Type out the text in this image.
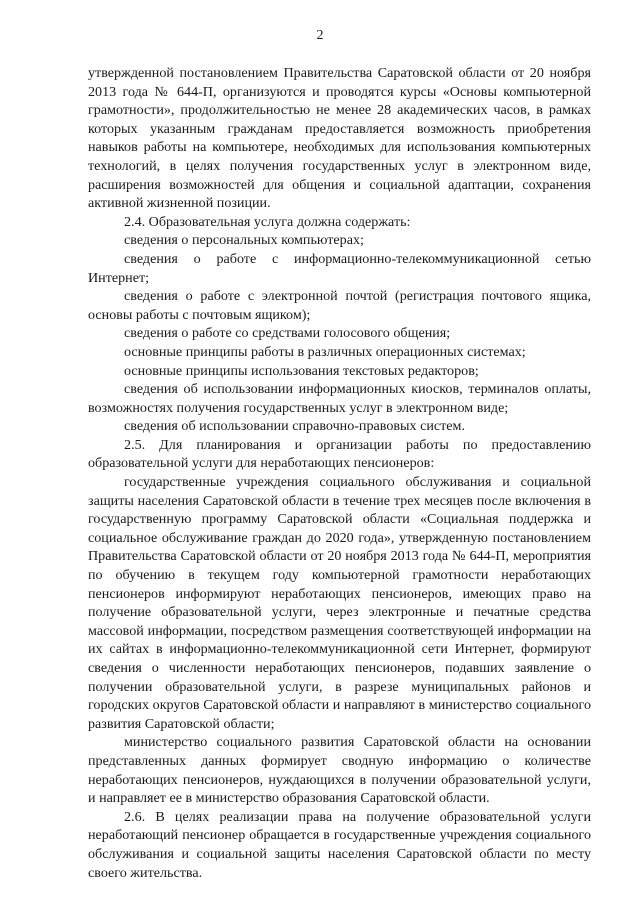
2

утвержденной постановлением Правительства Саратовской области от 20 ноября 2013 года № 644-П, организуются и проводятся курсы «Основы компьютерной грамотности», продолжительностью не менее 28 академических часов, в рамках которых указанным гражданам предоставляется возможность приобретения навыков работы на компьютере, необходимых для использования компьютерных технологий, в целях получения государственных услуг в электронном виде, расширения возможностей для общения и социальной адаптации, сохранения активной жизненной позиции.

2.4. Образовательная услуга должна содержать:

сведения о персональных компьютерах;

сведения о работе с информационно-телекоммуникационной сетью Интернет;

сведения о работе с электронной почтой (регистрация почтового ящика, основы работы с почтовым ящиком);

сведения о работе со средствами голосового общения;

основные принципы работы в различных операционных системах;

основные принципы использования текстовых редакторов;

сведения об использовании информационных киосков, терминалов оплаты, возможностях получения государственных услуг в электронном виде;

сведения об использовании справочно-правовых систем.

2.5. Для планирования и организации работы по предоставлению образовательной услуги для неработающих пенсионеров:

государственные учреждения социального обслуживания и социальной защиты населения Саратовской области в течение трех месяцев после включения в государственную программу Саратовской области «Социальная поддержка и социальное обслуживание граждан до 2020 года», утвержденную постановлением Правительства Саратовской области от 20 ноября 2013 года № 644-П, мероприятия по обучению в текущем году компьютерной грамотности неработающих пенсионеров информируют неработающих пенсионеров, имеющих право на получение образовательной услуги, через электронные и печатные средства массовой информации, посредством размещения соответствующей информации на их сайтах в информационно-телекоммуникационной сети Интернет, формируют сведения о численности неработающих пенсионеров, подавших заявление о получении образовательной услуги, в разрезе муниципальных районов и городских округов Саратовской области и направляют в министерство социального развития Саратовской области;

министерство социального развития Саратовской области на основании представленных данных формирует сводную информацию о количестве неработающих пенсионеров, нуждающихся в получении образовательной услуги, и направляет ее в министерство образования Саратовской области.

2.6. В целях реализации права на получение образовательной услуги неработающий пенсионер обращается в государственные учреждения социального обслуживания и социальной защиты населения Саратовской области по месту своего жительства.
